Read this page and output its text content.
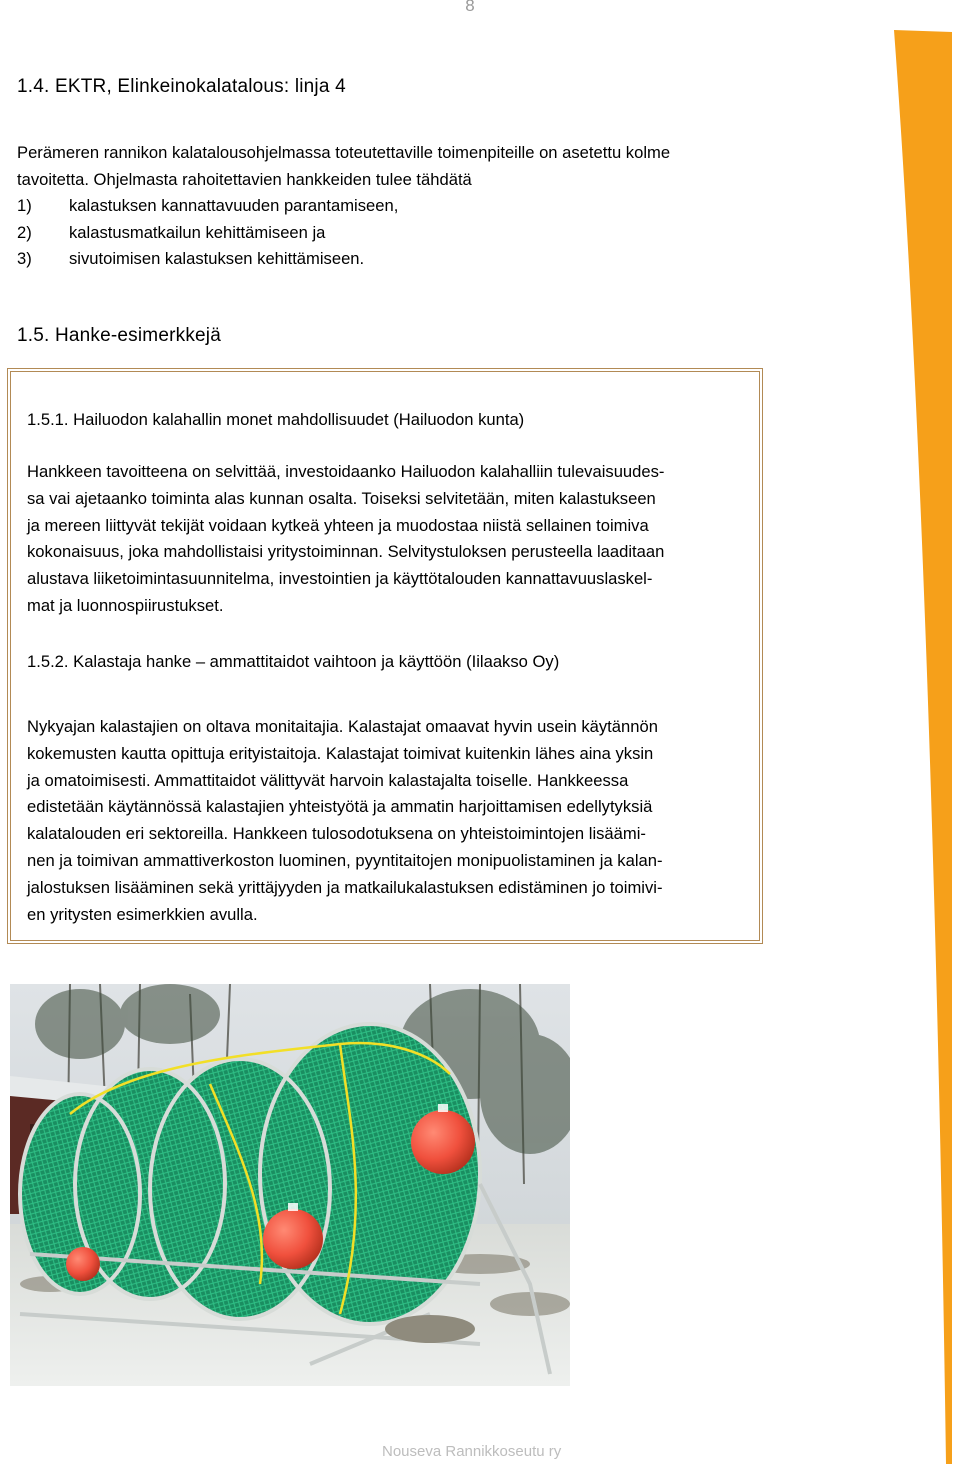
8
1.4. EKTR, Elinkeinokalatalous: linja 4

Perämeren rannikon kalatalousohjelmassa toteutettaville toimenpiteille on asetettu kolme

tavoitetta. Ohjelmasta rahoitettavien hankkeiden tulee tähdätä

1)	kalastuksen kannattavuuden parantamiseen,
2)	kalastusmatkailun kehittämiseen ja
3)	sivutoimisen kalastuksen kehittämiseen.
1.5. Hanke-esimerkkejä
1.5.1. Hailuodon kalahallin monet mahdollisuudet (Hailuodon kunta)
Hankkeen tavoitteena on selvittää, investoidaanko Hailuodon kalahalliin tulevaisuudes-
sa vai ajetaanko toiminta alas kunnan osalta. Toiseksi selvitetään, miten kalastukseen
ja mereen liittyvät tekijät voidaan kytkeä yhteen ja muodostaa niistä sellainen toimiva
kokonaisuus, joka mahdollistaisi yritystoiminnan. Selvitystuloksen perusteella laaditaan
alustava liiketoimintasuunnitelma, investointien ja käyttötalouden kannattavuuslaskel-
mat ja luonnospiirustukset.
1.5.2. Kalastaja hanke – ammattitaidot vaihtoon ja käyttöön (Iilaakso Oy)
Nykyajan kalastajien on oltava monitaitajia. Kalastajat omaavat hyvin usein käytännön
kokemusten kautta opittuja erityistaitoja. Kalastajat toimivat kuitenkin lähes aina yksin
ja omatoimisesti. Ammattitaidot välittyvät harvoin kalastajalta toiselle. Hankkeessa
edistetään käytännössä kalastajien yhteistyötä ja ammatin harjoittamisen edellytyksiä
kalatalouden eri sektoreilla. Hankkeen tulosodotuksena on yhteistoimintojen lisäämi-
nen ja toimivan ammattiverkoston luominen, pyyntitaitojen monipuolistaminen ja kalan-
jalostuksen lisääminen sekä yrittäjyyden ja matkailukalastuksen edistäminen jo toimivi-
en yritysten esimerkkien avulla.
Nouseva Rannikkoseutu ry
